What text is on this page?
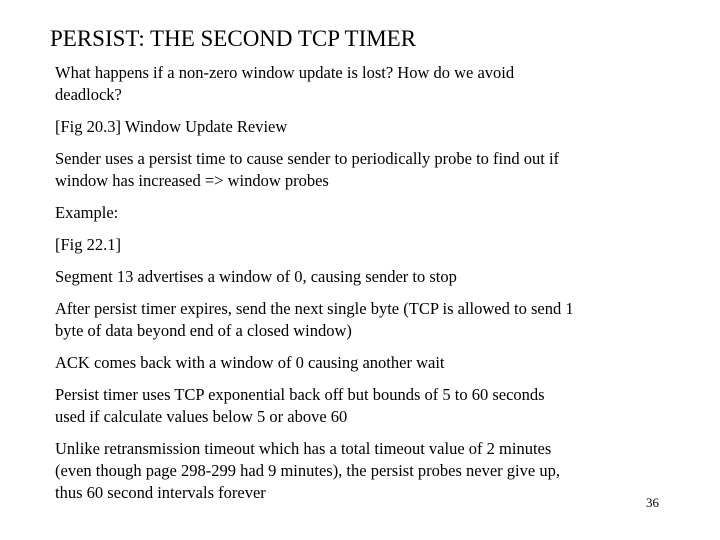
PERSIST: THE SECOND TCP TIMER
What happens if a non-zero window update is lost? How do we avoid deadlock?
[Fig 20.3] Window Update Review
Sender uses a persist time to cause sender to periodically probe to find out if window has increased => window probes
Example:
[Fig 22.1]
Segment 13 advertises a window of 0, causing sender to stop
After persist timer expires, send the next single byte (TCP is allowed to send 1 byte of data beyond end of a closed window)
ACK comes back with a window of 0 causing another wait
Persist timer uses TCP exponential back off but bounds of 5 to 60 seconds used if calculate values below 5 or above 60
Unlike retransmission timeout which has a total timeout value of 2 minutes (even though page 298-299 had 9 minutes), the persist probes never give up, thus 60 second intervals forever
36
